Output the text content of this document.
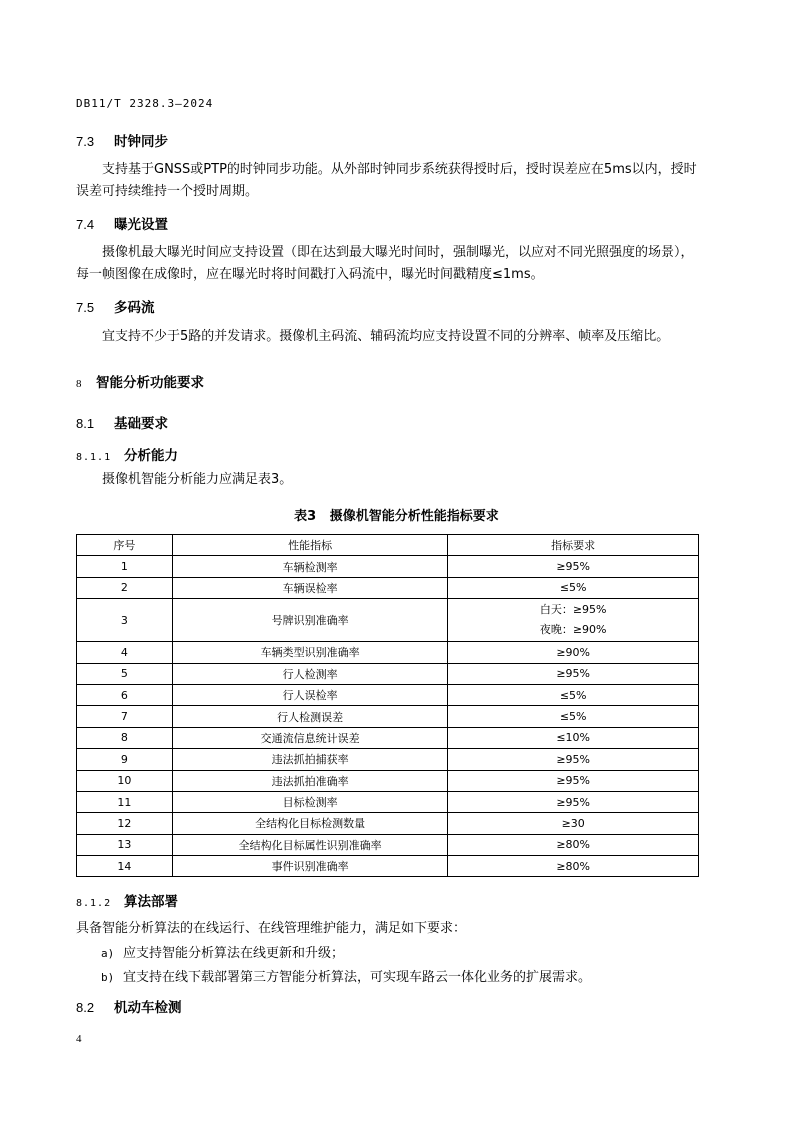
DB11/T 2328.3—2024
7.3 时钟同步
支持基于GNSS或PTP的时钟同步功能。从外部时钟同步系统获得授时后，授时误差应在5ms以内，授时误差可持续维持一个授时周期。
7.4 曝光设置
摄像机最大曝光时间应支持设置（即在达到最大曝光时间时，强制曝光，以应对不同光照强度的场景），每一帧图像在成像时，应在曝光时将时间戳打入码流中，曝光时间戳精度≤1ms。
7.5 多码流
宜支持不少于5路的并发请求。摄像机主码流、辅码流均应支持设置不同的分辨率、帧率及压缩比。
8 智能分析功能要求
8.1 基础要求
8.1.1 分析能力
摄像机智能分析能力应满足表3。
表3 摄像机智能分析性能指标要求
序号	性能指标	指标要求
1	车辆检测率	≥95%
2	车辆误检率	≤5%
3	号牌识别准确率	白天：≥95%
夜晚：≥90%

4	车辆类型识别准确率	≥90%
5	行人检测率	≥95%
6	行人误检率	≤5%
7	行人检测误差	≤5%
8	交通流信息统计误差	≤10%
9	违法抓拍捕获率	≥95%
10	违法抓拍准确率	≥95%
11	目标检测率	≥95%
12	全结构化目标检测数量	≥30
13	全结构化目标属性识别准确率	≥80%
14	事件识别准确率	≥80%
8.1.2 算法部署
具备智能分析算法的在线运行、在线管理维护能力，满足如下要求：
a) 应支持智能分析算法在线更新和升级；
b) 宜支持在线下载部署第三方智能分析算法，可实现车路云一体化业务的扩展需求。
8.2 机动车检测
4
